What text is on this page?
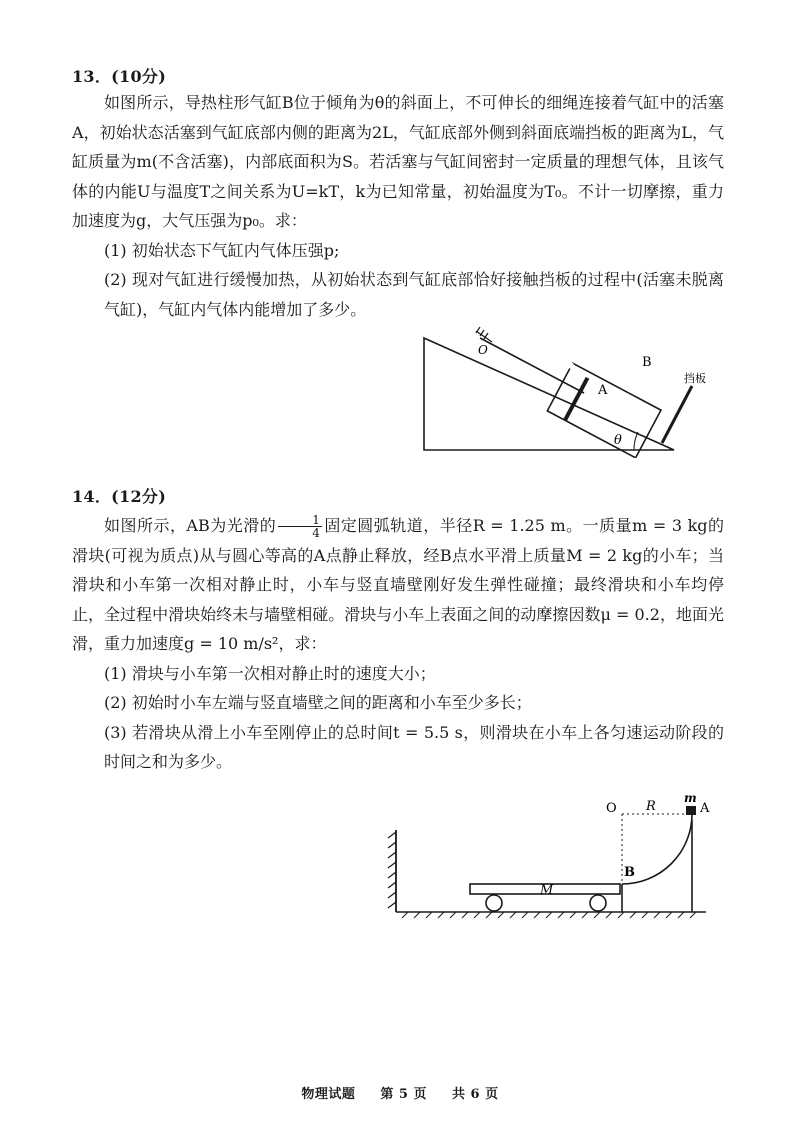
13．(10分)

如图所示，导热柱形气缸B位于倾角为θ的斜面上，不可伸长的细绳连接着气缸中的活塞A，初始状态活塞到气缸底部内侧的距离为2L，气缸底部外侧到斜面底端挡板的距离为L，气缸质量为m(不含活塞)，内部底面积为S。若活塞与气缸间密封一定质量的理想气体，且该气体的内能U与温度T之间关系为U=kT，k为已知常量，初始温度为T₀。不计一切摩擦，重力加速度为g，大气压强为p₀。求：

(1) 初始状态下气缸内气体压强p;

(2) 现对气缸进行缓慢加热，从初始状态到气缸底部恰好接触挡板的过程中(活塞未脱离气缸)，气缸内气体内能增加了多少。

O
A
B
挡板
θ
14．(12分)

如图所示，AB为光滑的 $\frac{1}{4}$ 固定圆弧轨道，半径R = 1.25 m。一质量m = 3 kg的滑块(可视为质点)从与圆心等高的A点静止释放，经B点水平滑上质量M = 2 kg的小车；当滑块和小车第一次相对静止时，小车与竖直墙壁刚好发生弹性碰撞；最终滑块和小车均停止，全过程中滑块始终未与墙壁相碰。滑块与小车上表面之间的动摩擦因数μ = 0.2，地面光滑，重力加速度g = 10 m/s²，求：

(1) 滑块与小车第一次相对静止时的速度大小；

(2) 初始时小车左端与竖直墙壁之间的距离和小车至少多长；

(3) 若滑块从滑上小车至刚停止的总时间t = 5.5 s，则滑块在小车上各匀速运动阶段的时间之和为多少。

O R
m
A
B
M
物理试题 第 5 页 共 6 页
